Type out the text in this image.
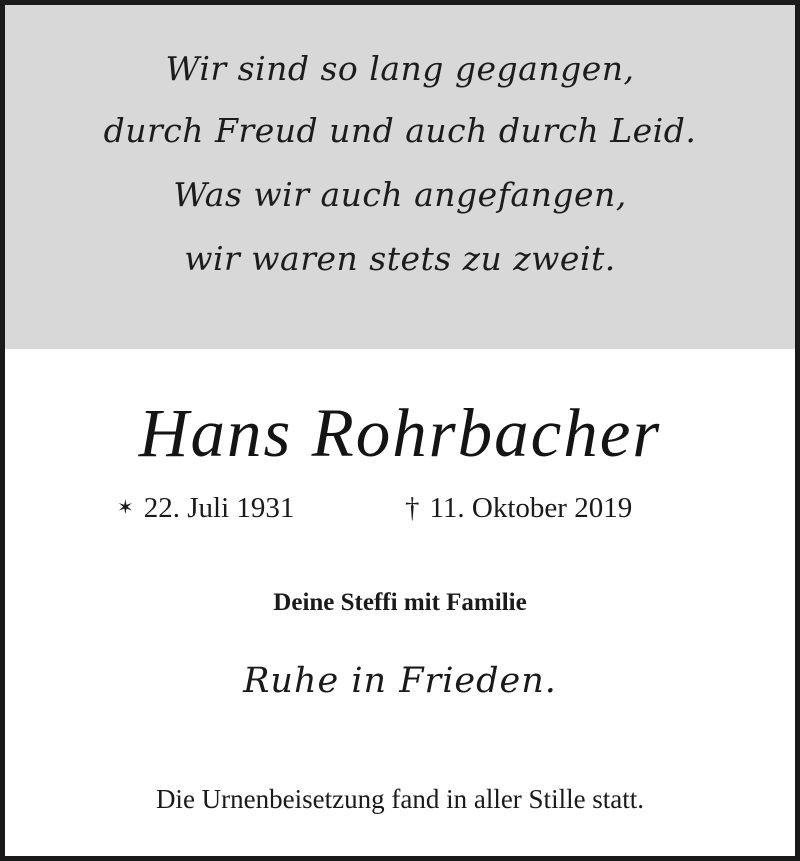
Wir sind so lang gegangen,
durch Freud und auch durch Leid.
Was wir auch angefangen,
wir waren stets zu zweit.
Hans Rohrbacher
✶ 22. Juli 1931	† 11. Oktober 2019
Deine Steffi mit Familie
Ruhe in Frieden.
Die Urnenbeisetzung fand in aller Stille statt.
